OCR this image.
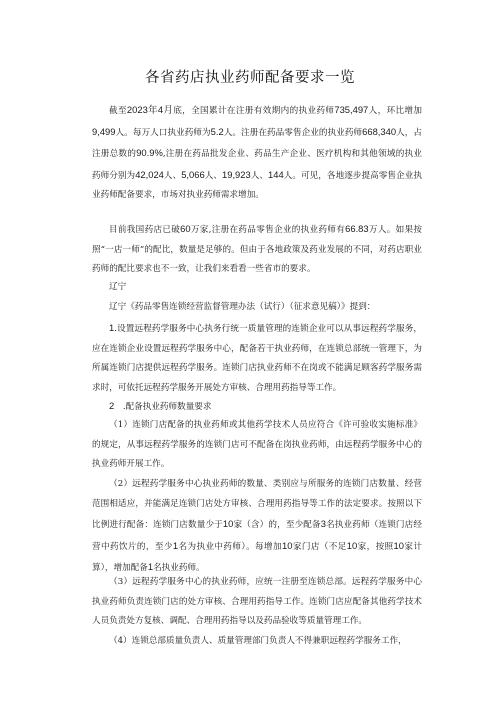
各省药店执业药师配备要求一览

截至2023年4月底，全国累计在注册有效期内的执业药师735,497人，环比增加9,499人。每万人口执业药师为5.2人。注册在药品零售企业的执业药师668,340人，占注册总数的90.9%,注册在药品批发企业、药品生产企业、医疗机构和其他领域的执业药师分别为42,024人、5,066人、19,923人、144人。可见，各地逐步提高零售企业执业药师配备要求，市场对执业药师需求增加。

目前我国药店已破60万家,注册在药品零售企业的执业药师有66.83万人。如果按照“一店一师”的配比，数量是足够的。但由于各地政策及药业发展的不同，对药店职业药师的配比要求也不一致，让我们来看看一些省市的要求。

辽宁

辽宁《药品零售连锁经营监督管理办法（试行）（征求意见稿）》提到：

1.设置远程药学服务中心执务行统一质量管理的连锁企业可以从事远程药学服务，应在连锁企业设置远程药学服务中心，配备若干执业药师，在连锁总部统一管理下，为所属连锁门店提供远程药学服务。连锁门店执业药师不在岗或不能满足顾客药学服务需求时，可依托远程药学服务开展处方审核、合理用药指导等工作。

2　.配备执业药师数量要求

（1）连锁门店配备的执业药师或其他药学技术人员应符合《许可验收实施标准》的规定，从事远程药学服务的连锁门店可不配备在岗执业药师，由远程药学服务中心的执业药师开展工作。

（2）远程药学服务中心执业药师的数量、类别应与所服务的连锁门店数量、经营范围相适应，并能满足连锁门店处方审核、合理用药指导等工作的法定要求。按照以下比例进行配备：连锁门店数量少于10家（含）的，至少配备3名执业药师（连锁门店经营中药饮片的，至少1名为执业中药师）。每增加10家门店（不足10家，按照10家计算），增加配备1名执业药师。

（3）远程药学服务中心的执业药师，应统一注册至连锁总部。远程药学服务中心执业药师负责连锁门店的处方审核、合理用药指导工作。连锁门店应配备其他药学技术人员负责处方复核、调配、合理用药指导以及药品验收等质量管理工作。

（4）连锁总部质量负责人、质量管理部门负责人不得兼职远程药学服务工作，
